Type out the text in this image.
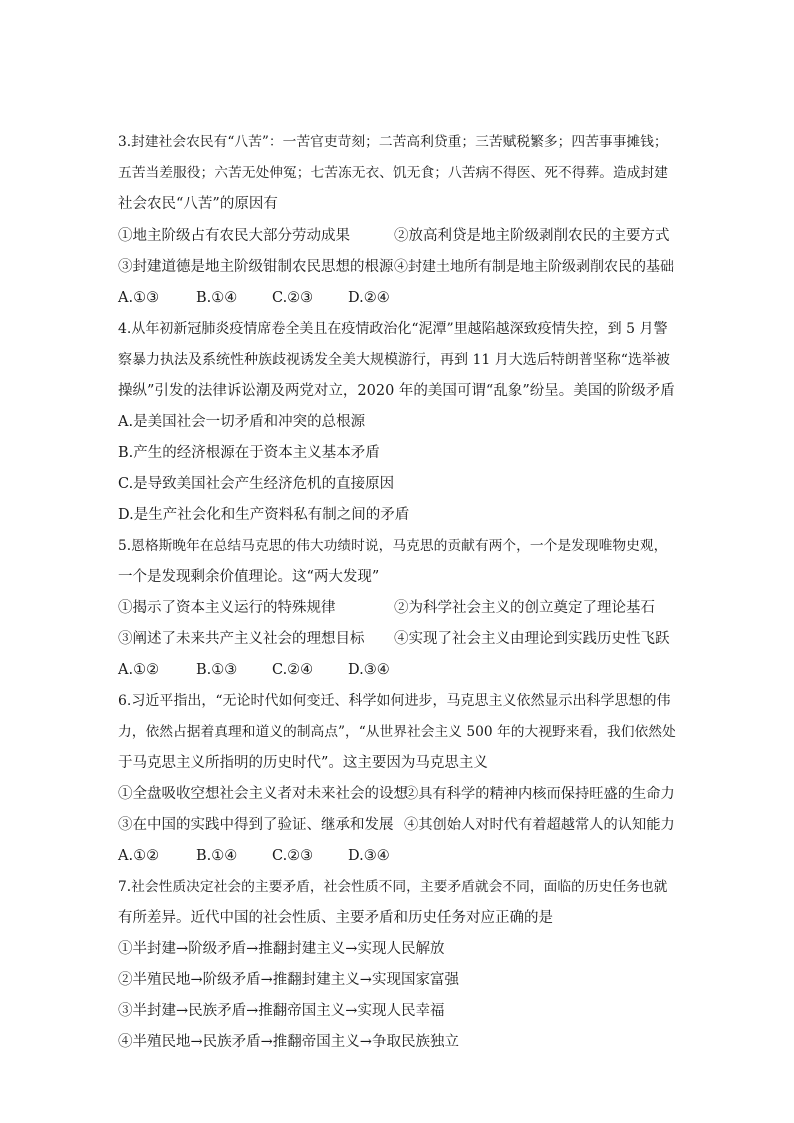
3.封建社会农民有“八苦”：一苦官吏苛刻；二苦高利贷重；三苦赋税繁多；四苦事事摊钱；
五苦当差服役；六苦无处伸冤；七苦冻无衣、饥无食；八苦病不得医、死不得葬。造成封建
社会农民“八苦”的原因有
①地主阶级占有农民大部分劳动成果	②放高利贷是地主阶级剥削农民的主要方式
③封建道德是地主阶级钳制农民思想的根源 ④封建土地所有制是地主阶级剥削农民的基础
A.①③	B.①④ C.②③ D.②④
4.从年初新冠肺炎疫情席卷全美且在疫情政治化“泥潭”里越陷越深致疫情失控，到 5 月警
察暴力执法及系统性种族歧视诱发全美大规模游行，再到 11 月大选后特朗普坚称“选举被
操纵”引发的法律诉讼潮及两党对立，2020 年的美国可谓“乱象”纷呈。美国的阶级矛盾
A.是美国社会一切矛盾和冲突的总根源
B.产生的经济根源在于资本主义基本矛盾
C.是导致美国社会产生经济危机的直接原因
D.是生产社会化和生产资料私有制之间的矛盾
5.恩格斯晚年在总结马克思的伟大功绩时说，马克思的贡献有两个，一个是发现唯物史观，
一个是发现剩余价值理论。这“两大发现”
①揭示了资本主义运行的特殊规律	②为科学社会主义的创立奠定了理论基石
③阐述了未来共产主义社会的理想目标 ④实现了社会主义由理论到实践历史性飞跃
A.①②	B.①③ C.②④ D.③④
6.习近平指出，“无论时代如何变迁、科学如何进步，马克思主义依然显示出科学思想的伟
力，依然占据着真理和道义的制高点”，“从世界社会主义 500 年的大视野来看，我们依然处
于马克思主义所指明的历史时代”。这主要因为马克思主义
①全盘吸收空想社会主义者对未来社会的设想
②具有科学的精神内核而保持旺盛的生命力
③在中国的实践中得到了验证、继承和发展 ④其创始人对时代有着超越常人的认知能力
A.①②	B.①④ C.②③ D.③④
7.社会性质决定社会的主要矛盾，社会性质不同，主要矛盾就会不同，面临的历史任务也就
有所差异。近代中国的社会性质、主要矛盾和历史任务对应正确的是
①半封建→阶级矛盾→推翻封建主义→实现人民解放
②半殖民地→阶级矛盾→推翻封建主义→实现国家富强
③半封建→民族矛盾→推翻帝国主义→实现人民幸福
④半殖民地→民族矛盾→推翻帝国主义→争取民族独立
